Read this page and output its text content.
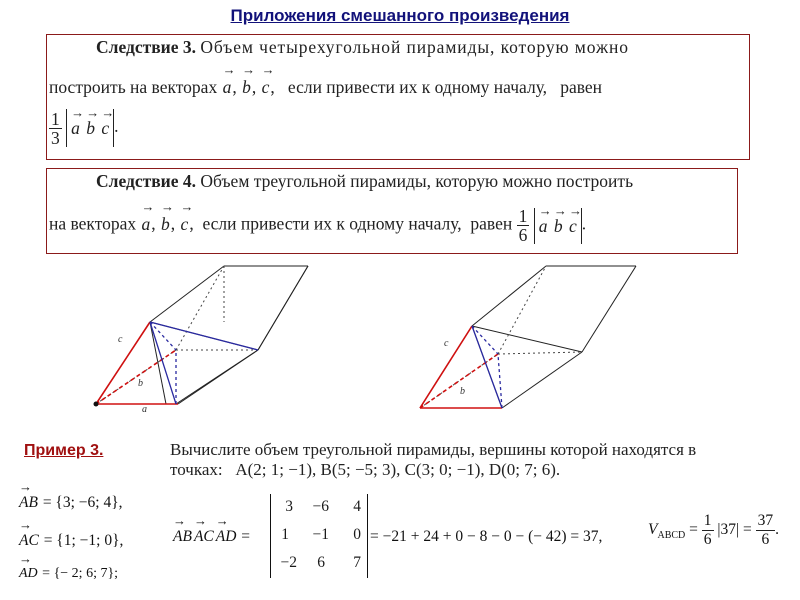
Приложения смешанного произведения
Следствие 3. Объем четырехугольной пирамиды, которую можно
построить на векторах → a, → b, → c,   если привести их к одному началу, равен
$\frac{1}{3}$
→ a → b → c .
Следствие 4. Объем треугольной пирамиды, которую можно построить
на векторах → a, → b, → c,  если привести их к одному началу, равен $\frac{1}{6}$
→ a → b → c .
a
b
c	c
b
Пример 3.	Вычислите объем треугольной пирамиды, вершины которой находятся в
точках: A(2; 1; −1), B(5; −5; 3), C(3; 0; −1), D(0; 7; 6).
→ AB = {3; −6; 4},
→ AC = {1; −1; 0},
→ AD = {− 2; 6; 7};
→ AB→ AC→ AD =
3	−6	4
1	−1	0
−2	6	7
= −21 + 24 + 0 − 8 − 0 − (− 42) = 37,	$V_{ABCD} = \frac{1}{6} |37| = \frac{37}{6}$ .
